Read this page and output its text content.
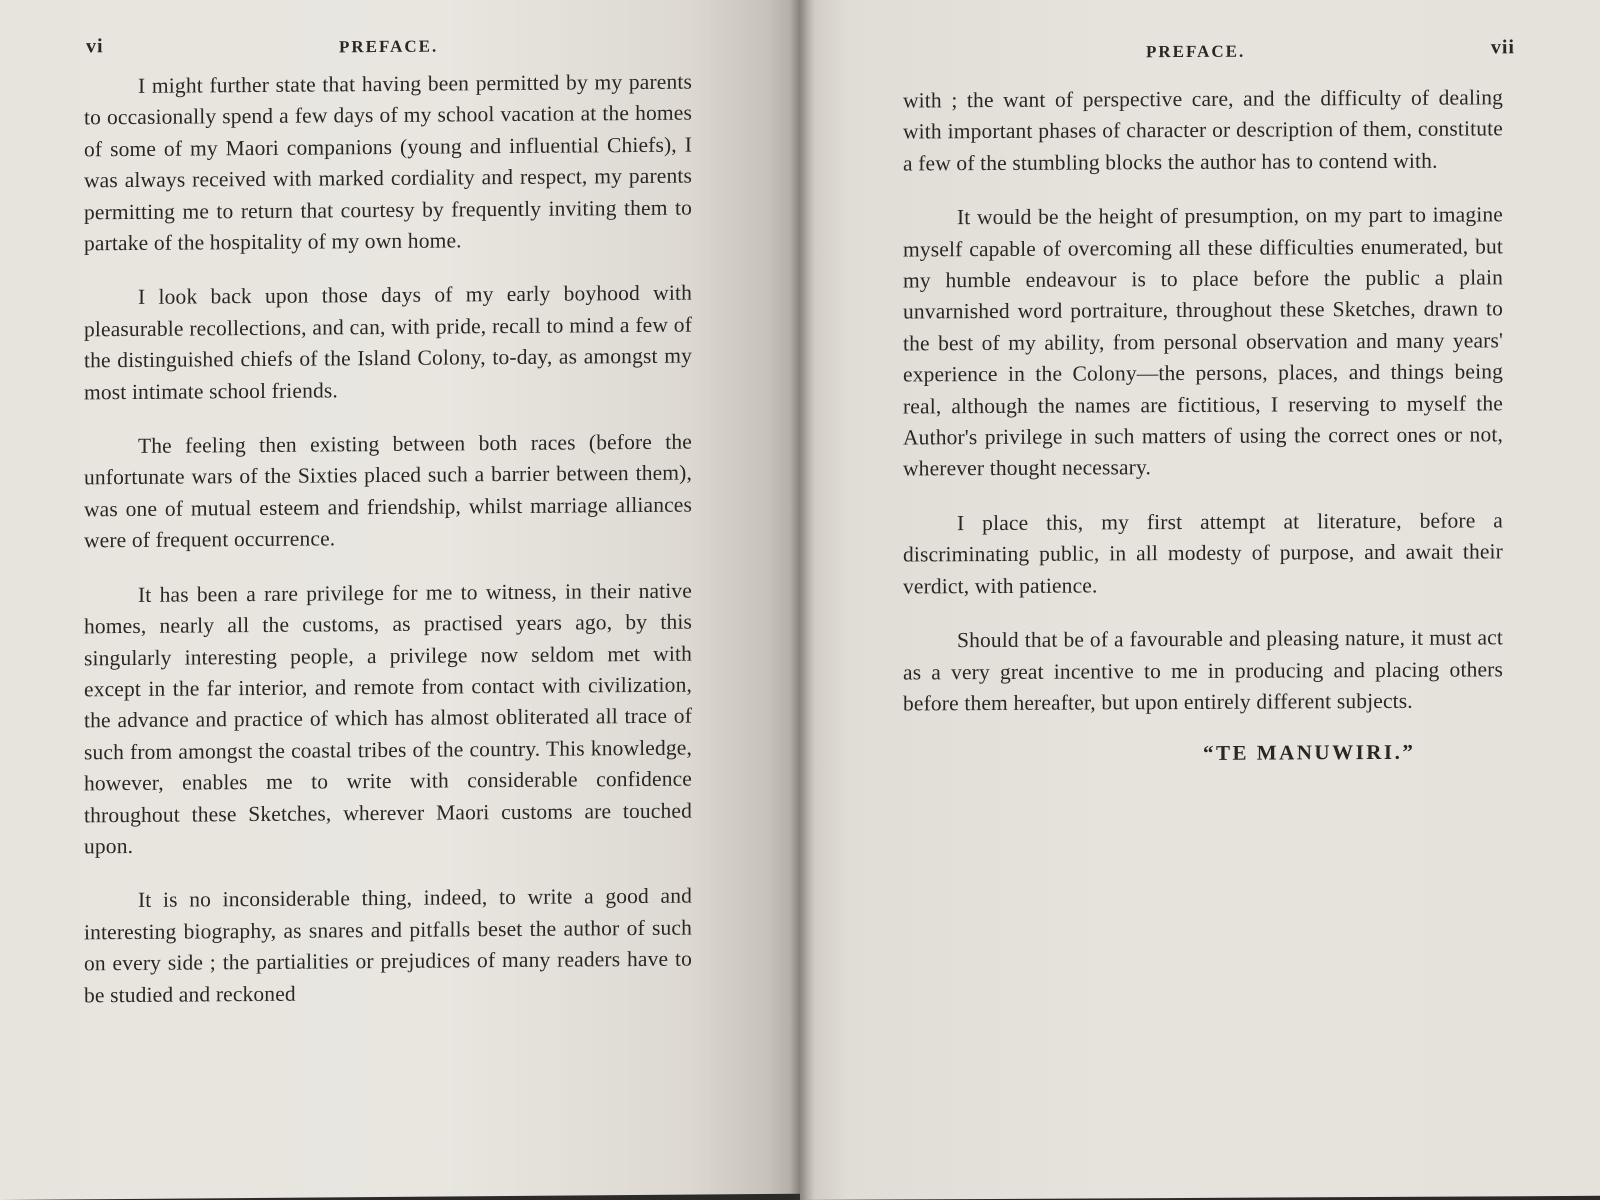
vi	PREFACE.

I might further state that having been permitted by my parents to occasionally spend a few days of my school vacation at the homes of some of my Maori companions (young and influential Chiefs), I was always received with marked cordiality and respect, my parents permitting me to return that courtesy by frequently inviting them to partake of the hospitality of my own home.

I look back upon those days of my early boyhood with pleasurable recollections, and can, with pride, recall to mind a few of the distinguished chiefs of the Island Colony, to-day, as amongst my most intimate school friends.

The feeling then existing between both races (before the unfortunate wars of the Sixties placed such a barrier between them), was one of mutual esteem and friendship, whilst marriage alliances were of frequent occurrence.

It has been a rare privilege for me to witness, in their native homes, nearly all the customs, as practised years ago, by this singularly interesting people, a privilege now seldom met with except in the far interior, and remote from contact with civilization, the advance and practice of which has almost obliterated all trace of such from amongst the coastal tribes of the country. This knowledge, however, enables me to write with considerable confidence throughout these Sketches, wherever Maori customs are touched upon.

It is no inconsiderable thing, indeed, to write a good and interesting biography, as snares and pitfalls beset the author of such on every side ; the partialities or prejudices of many readers have to be studied and reckoned

PREFACE.	vii

with ; the want of perspective care, and the difficulty of dealing with important phases of character or description of them, constitute a few of the stumbling blocks the author has to contend with.

It would be the height of presumption, on my part to imagine myself capable of overcoming all these difficulties enumerated, but my humble endeavour is to place before the public a plain unvarnished word portraiture, throughout these Sketches, drawn to the best of my ability, from personal observation and many years' experience in the Colony—the persons, places, and things being real, although the names are fictitious, I reserving to myself the Author's privilege in such matters of using the correct ones or not, wherever thought necessary.

I place this, my first attempt at literature, before a discriminating public, in all modesty of purpose, and await their verdict, with patience.

Should that be of a favourable and pleasing nature, it must act as a very great incentive to me in producing and placing others before them hereafter, but upon entirely different subjects.

“TE MANUWIRI.”
